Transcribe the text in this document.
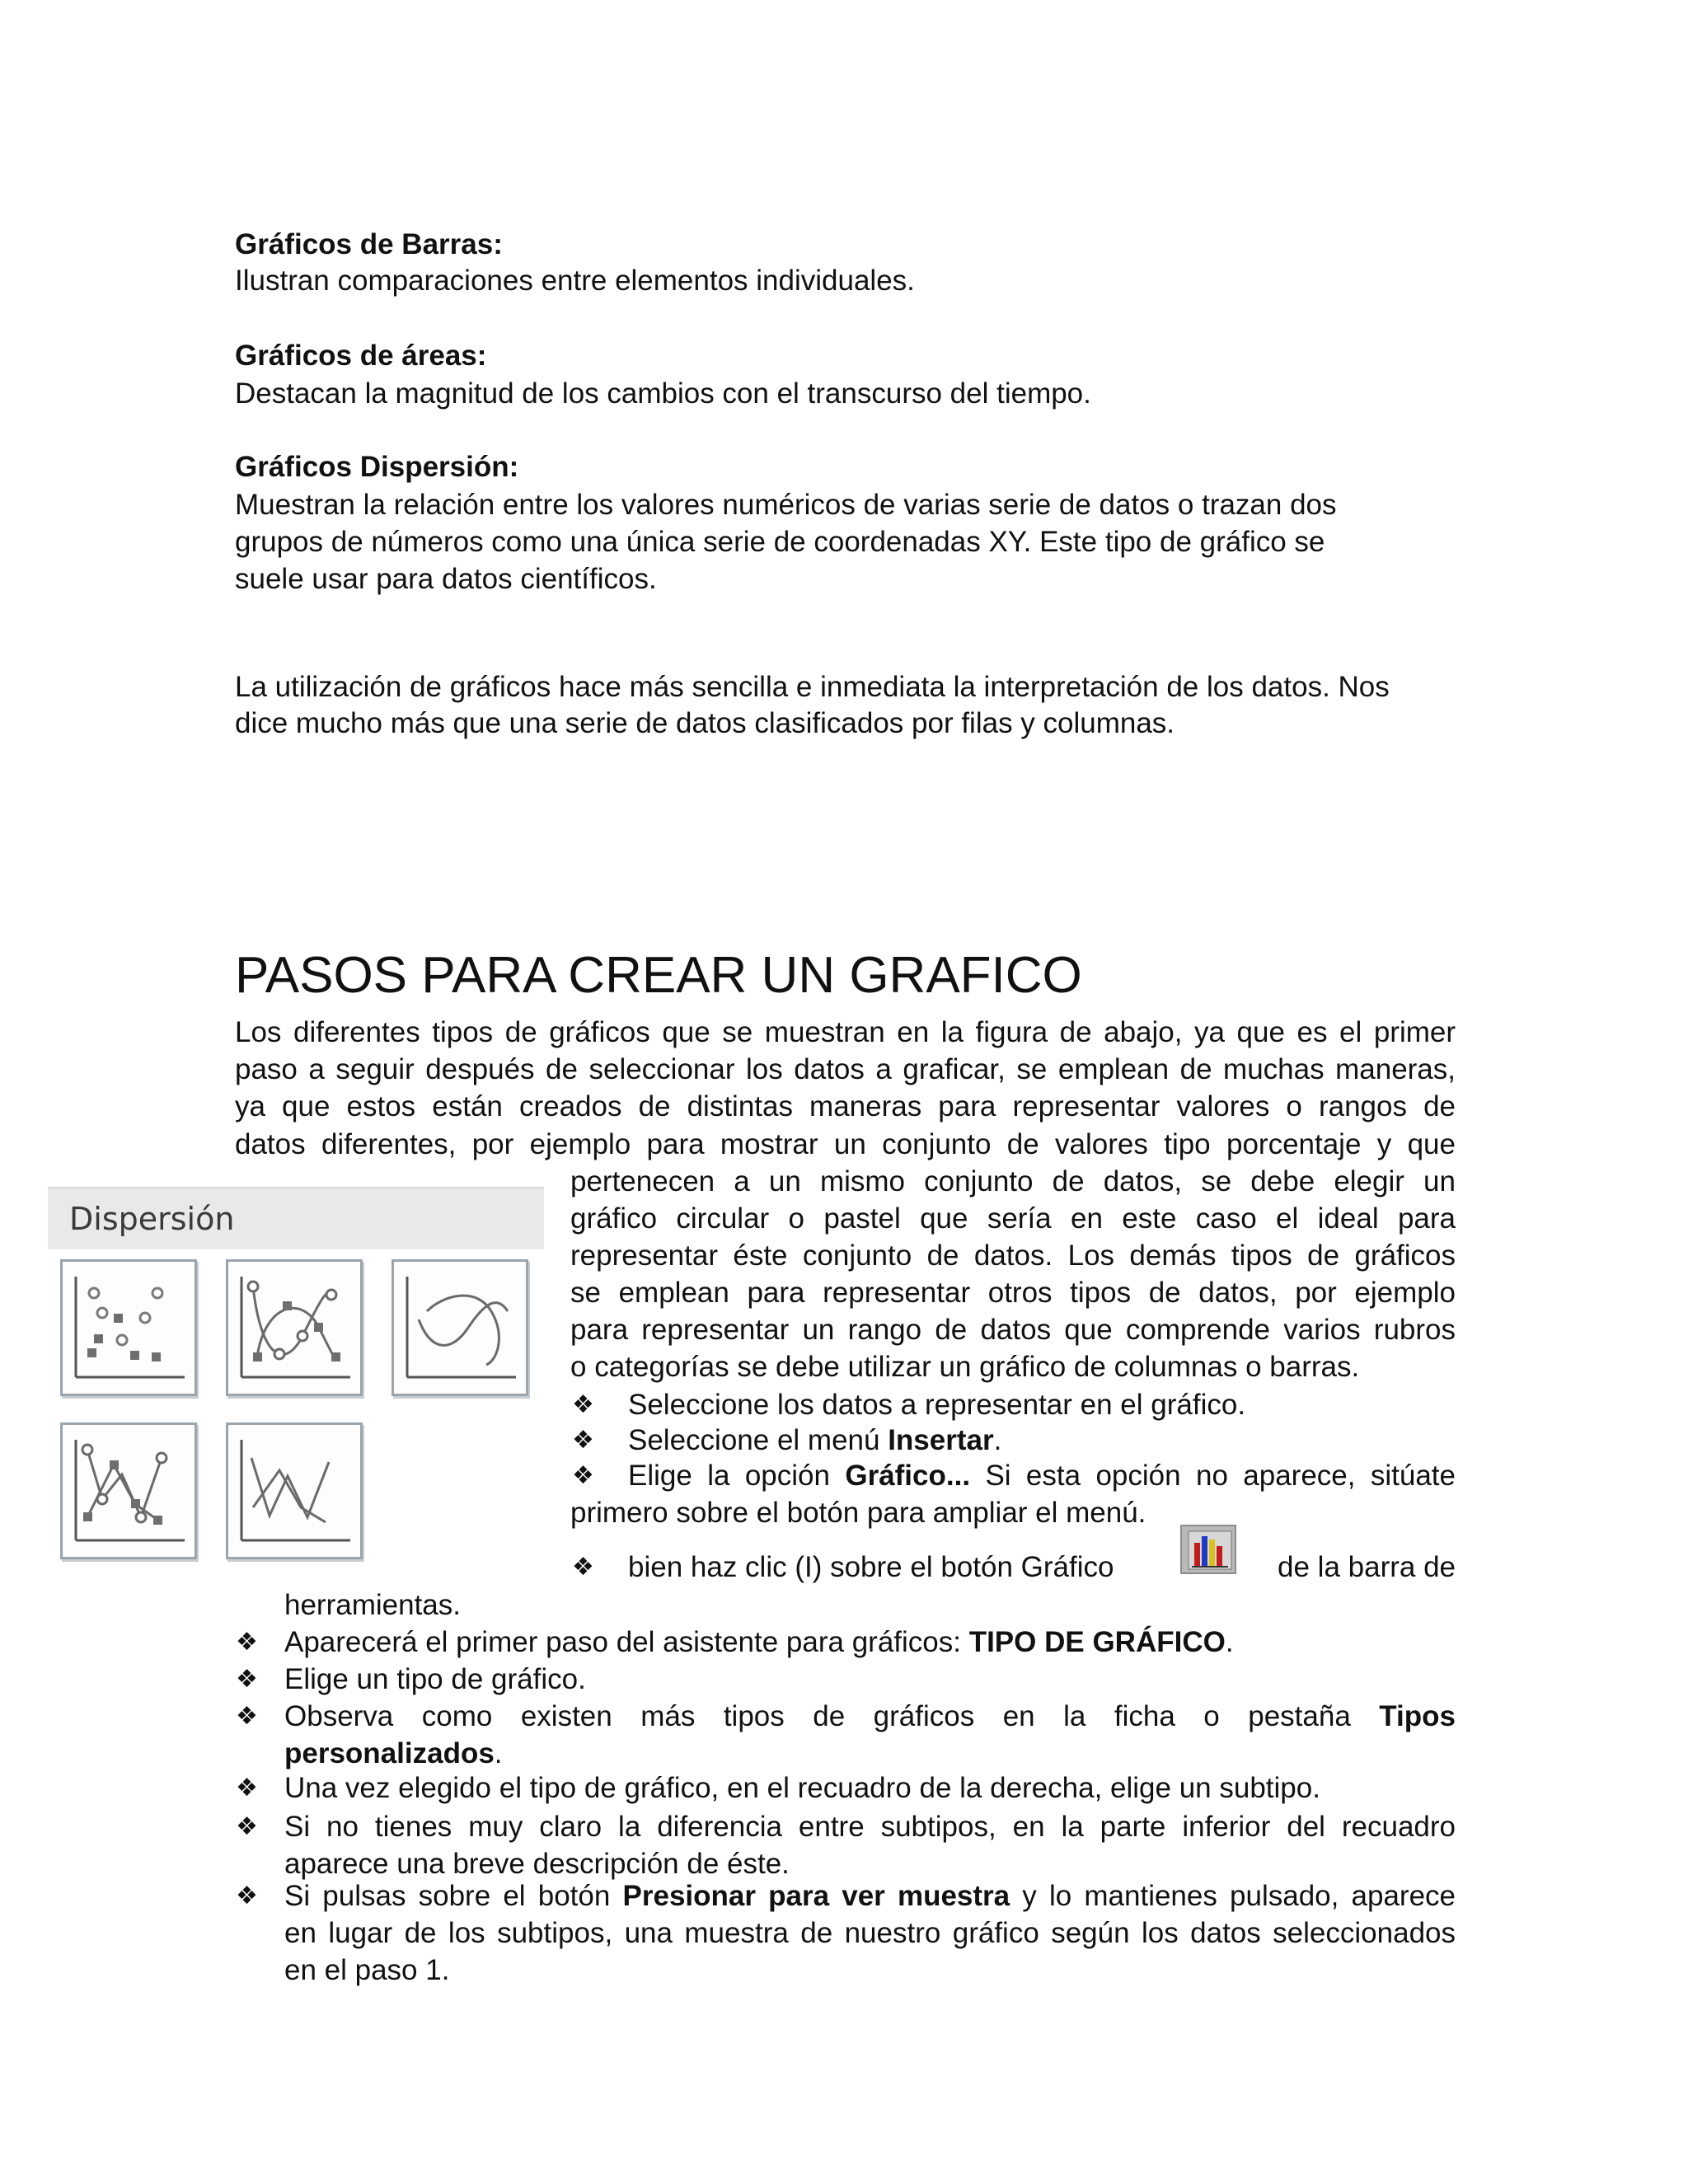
Gráficos de Barras:
Ilustran comparaciones entre elementos individuales.
Gráficos de áreas:
Destacan la magnitud de los cambios con el transcurso del tiempo.
Gráficos Dispersión:
Muestran la relación entre los valores numéricos de varias serie de datos o trazan dos
grupos de números como una única serie de coordenadas XY. Este tipo de gráfico se
suele usar para datos científicos.
La utilización de gráficos hace más sencilla e inmediata la interpretación de los datos. Nos
dice mucho más que una serie de datos clasificados por filas y columnas.
PASOS PARA CREAR UN GRAFICO
Los diferentes tipos de gráficos que se muestran en la figura de abajo, ya que es el primer
paso a seguir después de seleccionar los datos a graficar, se emplean de muchas maneras,
ya que estos están creados de distintas maneras para representar valores o rangos de
datos diferentes, por ejemplo para mostrar un conjunto de valores tipo porcentaje y que
pertenecen a un mismo conjunto de datos, se debe elegir un
gráfico circular o pastel que sería en este caso el ideal para
representar éste conjunto de datos. Los demás tipos de gráficos
se emplean para representar otros tipos de datos, por ejemplo
para representar un rango de datos que comprende varios rubros
o categorías se debe utilizar un gráfico de columnas o barras.
❖ Seleccione los datos a representar en el gráfico.
❖ Seleccione el menú Insertar.
❖ Elige la opción Gráfico... Si esta opción no aparece, sitúate
primero sobre el botón para ampliar el menú.
❖ bien haz clic (I) sobre el botón Gráfico	de la barra de
herramientas.
❖ Aparecerá el primer paso del asistente para gráficos: TIPO DE GRÁFICO.
❖ Elige un tipo de gráfico.
❖ Observa como existen más tipos de gráficos en la ficha o pestaña Tipos
personalizados.
❖ Una vez elegido el tipo de gráfico, en el recuadro de la derecha, elige un subtipo.
❖ Si no tienes muy claro la diferencia entre subtipos, en la parte inferior del recuadro
aparece una breve descripción de éste.
❖ Si pulsas sobre el botón Presionar para ver muestra y lo mantienes pulsado, aparece
en lugar de los subtipos, una muestra de nuestro gráfico según los datos seleccionados
en el paso 1.
Dispersión
